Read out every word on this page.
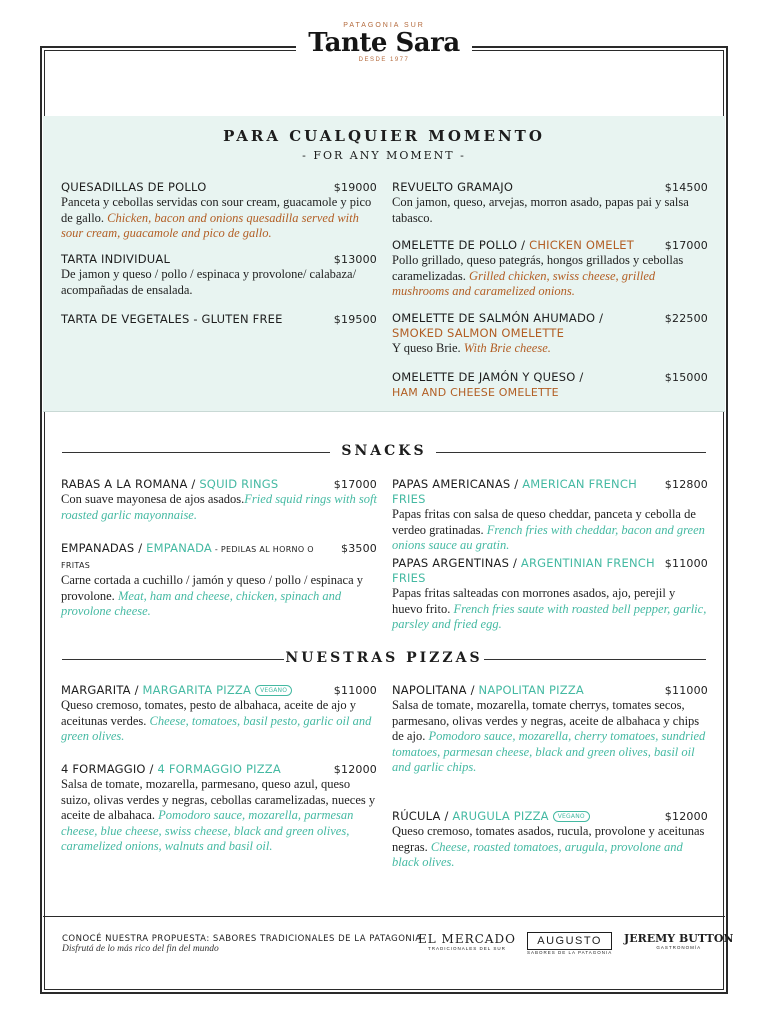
PATAGONIA SUR
Tante Sara
DESDE 1977
PARA CUALQUIER MOMENTO
- FOR ANY MOMENT -
QUESADILLAS DE POLLO	$19000
Panceta y cebollas servidas con sour cream, guacamole y pico de gallo. Chicken, bacon and onions quesadilla served with sour cream, guacamole and pico de gallo.
TARTA INDIVIDUAL	$13000
De jamon y queso / pollo / espinaca y provolone/ calabaza/ acompañadas de ensalada.
TARTA DE VEGETALES - GLUTEN FREE	$19500
REVUELTO GRAMAJO	$14500
Con jamon, queso, arvejas, morron asado, papas pai y salsa tabasco.
OMELETTE DE POLLO / CHICKEN OMELET	$17000
Pollo grillado, queso pategrás, hongos grillados y cebollas caramelizadas. Grilled chicken, swiss cheese, grilled mushrooms and caramelized onions.
OMELETTE DE SALMÓN AHUMADO /
SMOKED SALMON OMELETTE
$22500
Y queso Brie. With Brie cheese.
OMELETTE DE JAMÓN Y QUESO /
HAM AND CHEESE OMELETTE
$15000
SNACKS
RABAS A LA ROMANA / SQUID RINGS	$17000
Con suave mayonesa de ajos asados.Fried squid rings with soft roasted garlic mayonnaise.
EMPANADAS / EMPANADA - PEDILAS AL HORNO O FRITAS
$3500
Carne cortada a cuchillo / jamón y queso / pollo / espinaca y provolone. Meat, ham and cheese, chicken, spinach and provolone cheese.
PAPAS AMERICANAS / AMERICAN FRENCH FRIES
$12800
Papas fritas con salsa de queso cheddar, panceta y cebolla de verdeo gratinadas. French fries with cheddar, bacon and green onions sauce au gratin.
PAPAS ARGENTINAS / ARGENTINIAN FRENCH FRIES
$11000
Papas fritas salteadas con morrones asados, ajo, perejil y huevo frito. French fries saute with roasted bell pepper, garlic, parsley and fried egg.
NUESTRAS PIZZAS
MARGARITA / MARGARITA PIZZA VEGANO	$11000
Queso cremoso, tomates, pesto de albahaca, aceite de ajo y aceitunas verdes. Cheese, tomatoes, basil pesto, garlic oil and green olives.
4 FORMAGGIO / 4 FORMAGGIO PIZZA	$12000
Salsa de tomate, mozarella, parmesano, queso azul, queso suizo, olivas verdes y negras, cebollas caramelizadas, nueces y aceite de albahaca. Pomodoro sauce, mozarella, parmesan cheese, blue cheese, swiss cheese, black and green olives, caramelized onions, walnuts and basil oil.
NAPOLITANA / NAPOLITAN PIZZA	$11000
Salsa de tomate, mozarella, tomate cherrys, tomates secos, parmesano, olivas verdes y negras, aceite de albahaca y chips de ajo. Pomodoro sauce, mozarella, cherry tomatoes, sundried tomatoes, parmesan cheese, black and green olives, basil oil and garlic chips.
RÚCULA / ARUGULA PIZZA VEGANO	$12000
Queso cremoso, tomates asados, rucula, provolone y aceitunas negras. Cheese, roasted tomatoes, arugula, provolone and black olives.
CONOCÉ NUESTRA PROPUESTA: SABORES TRADICIONALES DE LA PATAGONIA
Disfrutá de lo más rico del fin del mundo
EL MERCADO
TRADICIONALES DEL SUR
AUGUSTO
SABORES DE LA PATAGONIA
JEREMY BUTTON
GASTRONOMÍA
